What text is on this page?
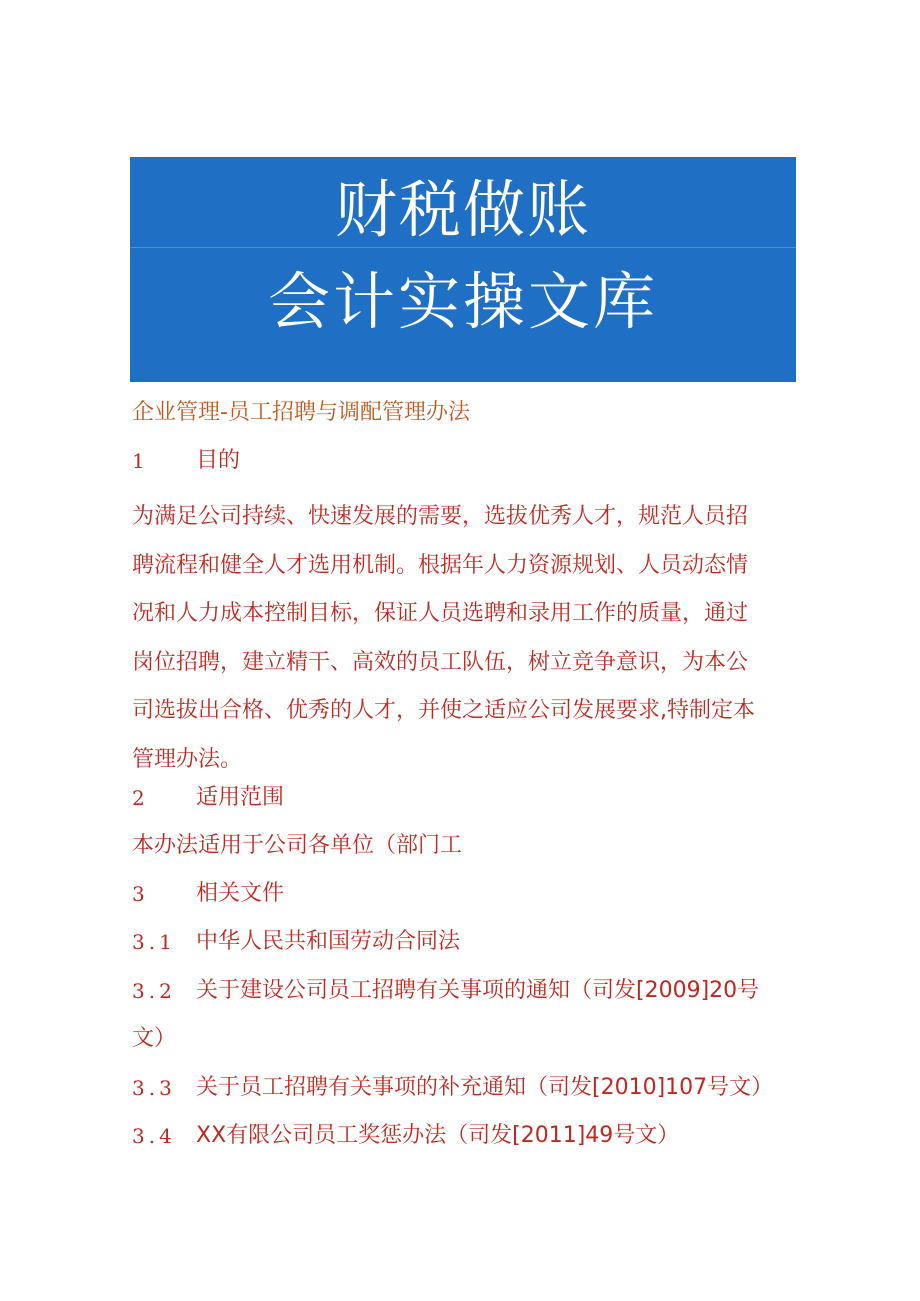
财税做账
会计实操文库
企业管理-员工招聘与调配管理办法
1 目的
为满足公司持续、快速发展的需要，选拔优秀人才，规范人员招
聘流程和健全人才选用机制。根据年人力资源规划、人员动态情
况和人力成本控制目标，保证人员选聘和录用工作的质量，通过
岗位招聘，建立精干、高效的员工队伍，树立竞争意识，为本公
司选拔出合格、优秀的人才，并使之适应公司发展要求,特制定本
管理办法。
2 适用范围
本办法适用于公司各单位（部门工
3 相关文件
3.1 中华人民共和国劳动合同法
3.2 关于建设公司员工招聘有关事项的通知（司发[2009]20号
文）
3.3 关于员工招聘有关事项的补充通知（司发[2010]107号文）
3.4 XX有限公司员工奖惩办法（司发[2011]49号文）
